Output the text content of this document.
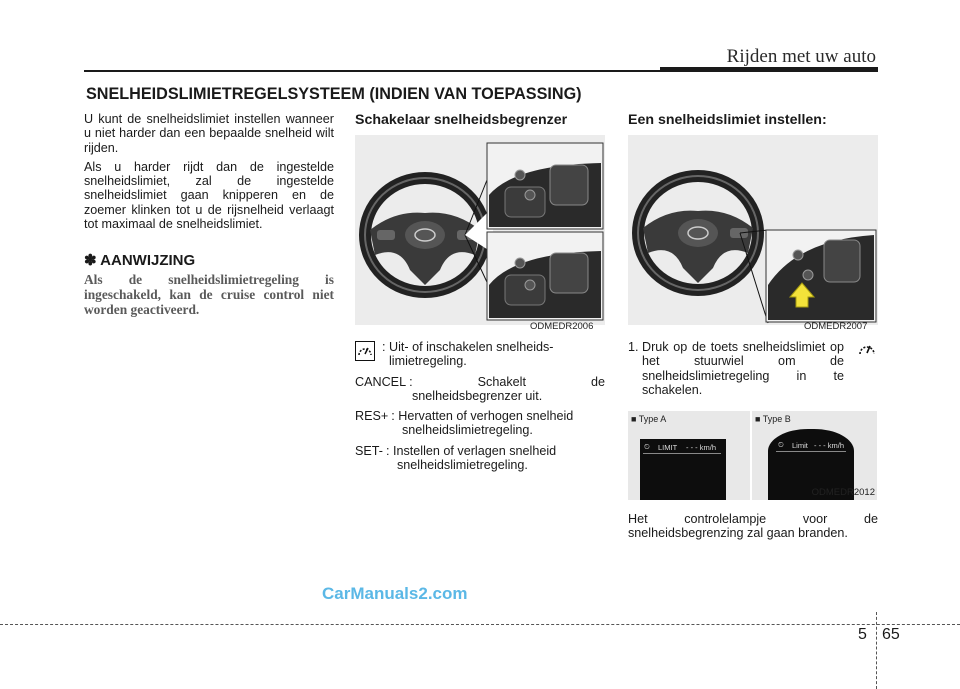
Rijden met uw auto
SNELHEIDSLIMIETREGELSYSTEEM (INDIEN VAN TOEPASSING)

U kunt de snelheidslimiet instellen wanneer u niet harder dan een bepaalde snelheid wilt rijden.

Als u harder rijdt dan de ingestelde snelheidslimiet, zal de ingestelde snelheidslimiet gaan knipperen en de zoemer klinken tot u de rijsnelheid verlaagt tot maximaal de snelheidslimiet.

✽ AANWIJZING

Als de snelheidslimietregeling is ingeschakeld, kan de cruise control niet worden geactiveerd.

Schakelaar snelheidsbegrenzer
ODMEDR2006
: Uit- of inschakelen snelheids-
limietregeling.
CANCEL : Schakelt de
snelheidsbegrenzer uit.
RES+ : Hervatten of verhogen snelheid
snelheidslimietregeling.
SET- : Instellen of verlagen snelheid
snelheidslimietregeling.
Een snelheidslimiet instellen:
ODMEDR2007
1. Druk op de toets snelheidslimiet op het stuurwiel om de snelheidslimietregeling in te schakelen.
■ Type A
⏲ LIMIT - - - km/h
■ Type B
⏲ Limit - - - km/h
ODMEDR2012

Het controlelampje voor de snelheidsbegrenzing zal gaan branden.

CarManuals2.com
5 65
